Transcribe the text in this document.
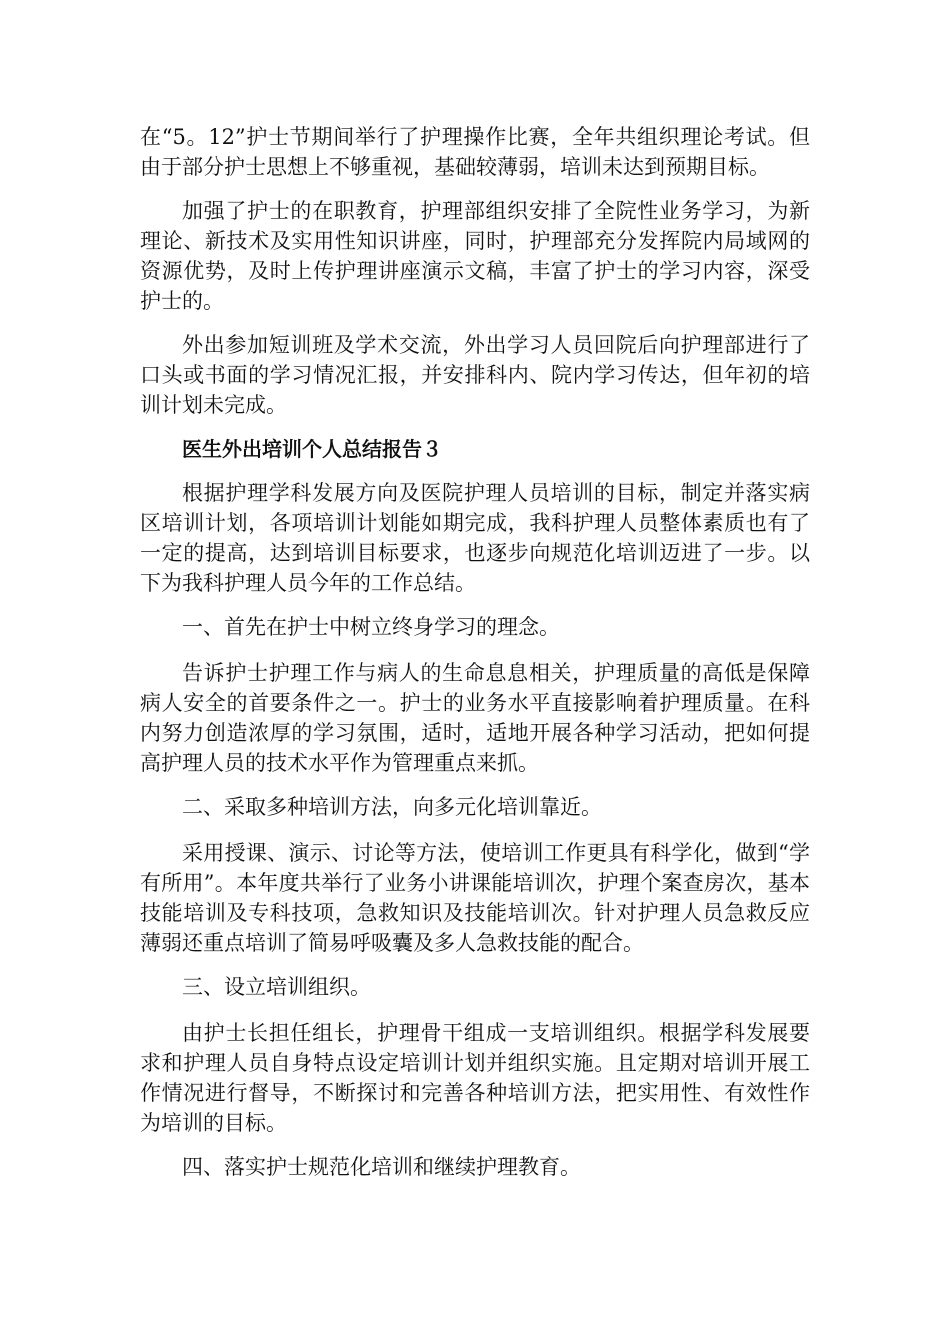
在“5。12”护士节期间举行了护理操作比赛，全年共组织理论考试。但由于部分护士思想上不够重视，基础较薄弱，培训未达到预期目标。

加强了护士的在职教育，护理部组织安排了全院性业务学习，为新理论、新技术及实用性知识讲座，同时，护理部充分发挥院内局域网的资源优势，及时上传护理讲座演示文稿，丰富了护士的学习内容，深受护士的。

外出参加短训班及学术交流，外出学习人员回院后向护理部进行了口头或书面的学习情况汇报，并安排科内、院内学习传达，但年初的培训计划未完成。

医生外出培训个人总结报告３

根据护理学科发展方向及医院护理人员培训的目标，制定并落实病区培训计划，各项培训计划能如期完成，我科护理人员整体素质也有了一定的提高，达到培训目标要求，也逐步向规范化培训迈进了一步。以下为我科护理人员今年的工作总结。

一、首先在护士中树立终身学习的理念。

告诉护士护理工作与病人的生命息息相关，护理质量的高低是保障病人安全的首要条件之一。护士的业务水平直接影响着护理质量。在科内努力创造浓厚的学习氛围，适时，适地开展各种学习活动，把如何提高护理人员的技术水平作为管理重点来抓。

二、采取多种培训方法，向多元化培训靠近。

采用授课、演示、讨论等方法，使培训工作更具有科学化，做到“学有所用”。本年度共举行了业务小讲课能培训次，护理个案查房次，基本技能培训及专科技项，急救知识及技能培训次。针对护理人员急救反应薄弱还重点培训了简易呼吸囊及多人急救技能的配合。

三、设立培训组织。

由护士长担任组长，护理骨干组成一支培训组织。根据学科发展要求和护理人员自身特点设定培训计划并组织实施。且定期对培训开展工作情况进行督导，不断探讨和完善各种培训方法，把实用性、有效性作为培训的目标。

四、落实护士规范化培训和继续护理教育。
